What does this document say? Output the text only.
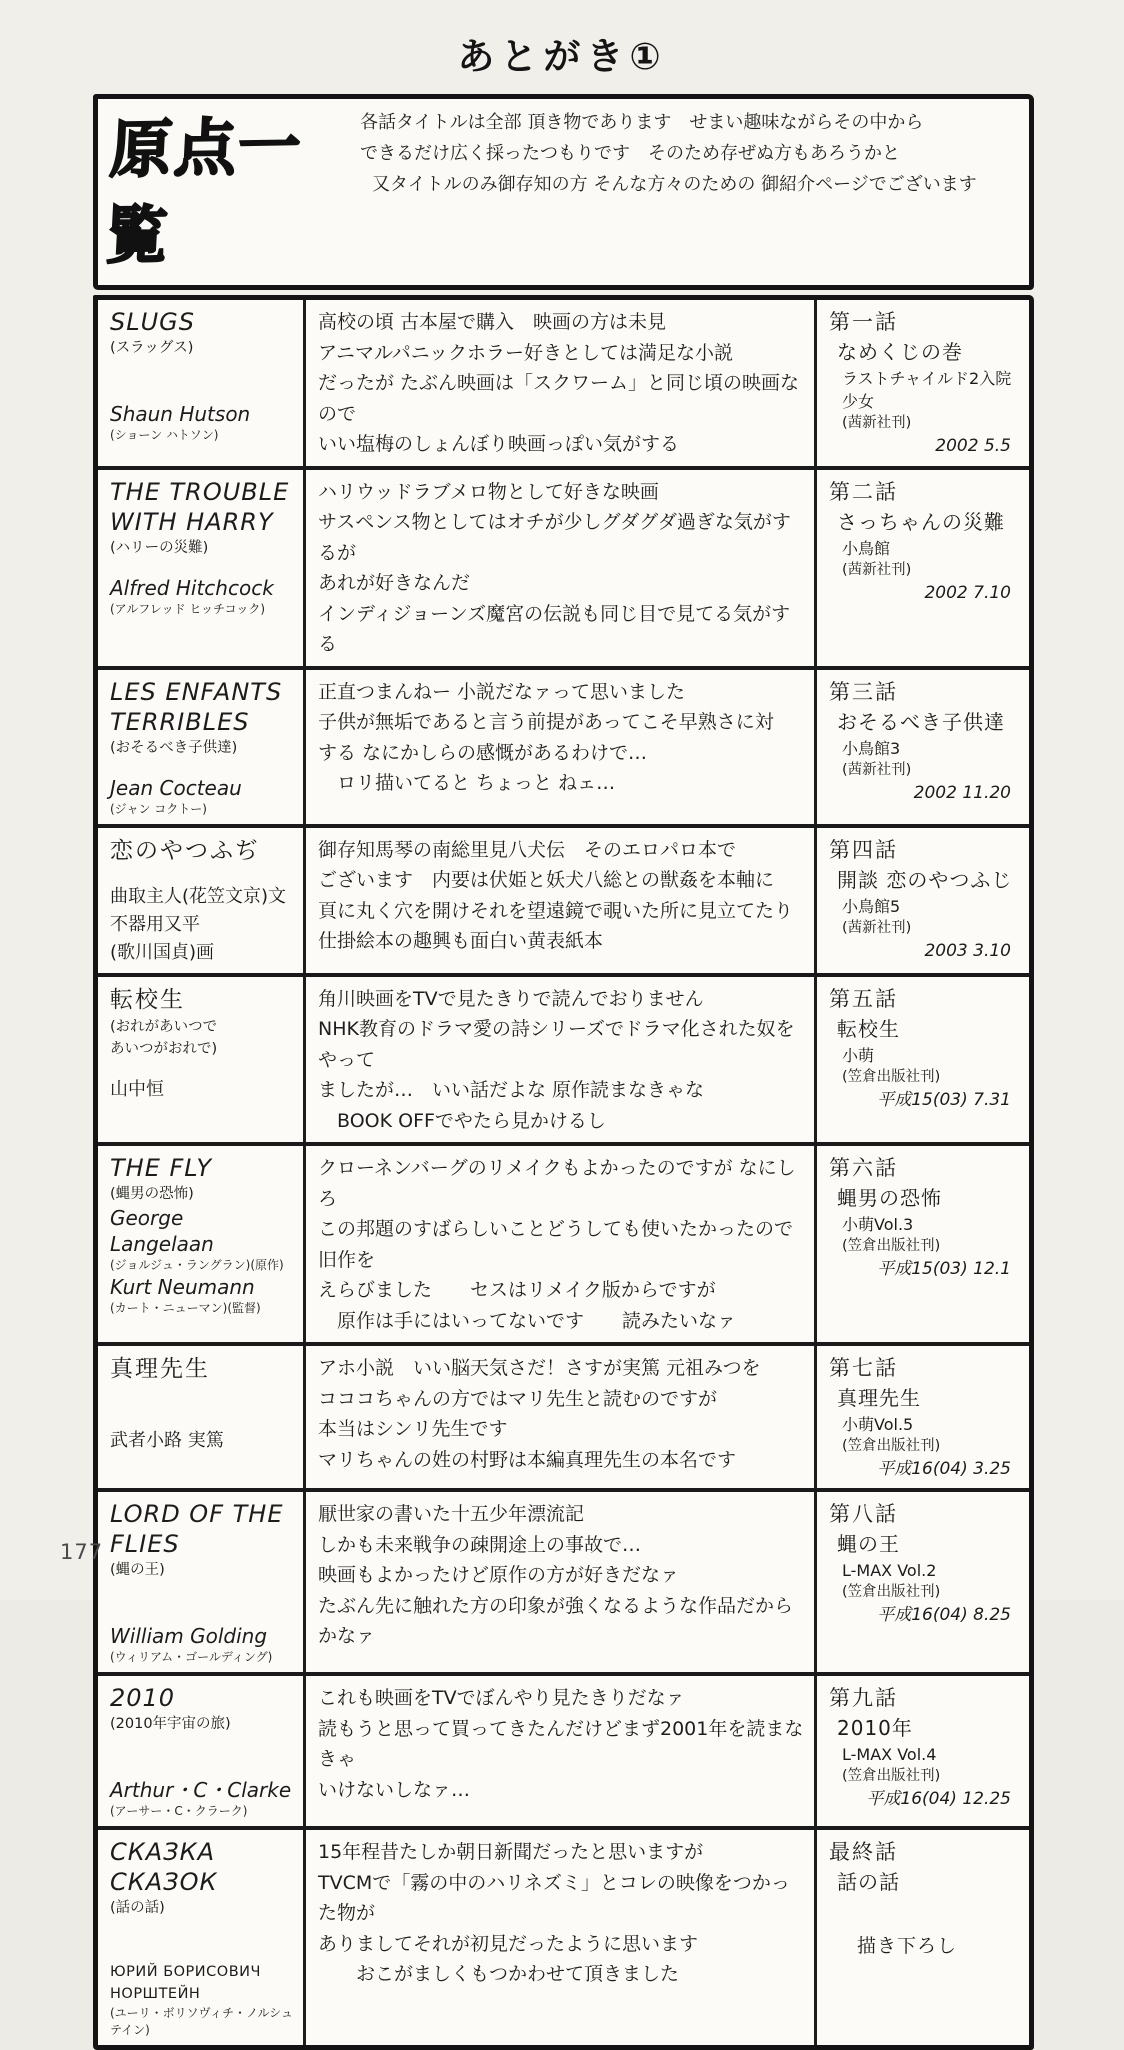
あとがき①
原点一覧
各話タイトルは全部 頂き物であります　せまい趣味ながらその中から
できるだけ広く採ったつもりです　そのため存ぜぬ方もあろうかと
又タイトルのみ御存知の方 そんな方々のための 御紹介ページでございます
SLUGS
(スラッグス)
Shaun Hutson
(ショーン ハトソン)
高校の頃 古本屋で購入　映画の方は未見
アニマルパニックホラー好きとしては満足な小説
だったが たぶん映画は「スクワーム」と同じ頃の映画なので
いい塩梅のしょんぼり映画っぽい気がする
第一話
なめくじの巻
ラストチャイルド2入院少女
(茜新社刊)
2002 5.5
THE TROUBLE
WITH HARRY
(ハリーの災難)
Alfred Hitchcock
(アルフレッド ヒッチコック)
ハリウッドラブメロ物として好きな映画
サスペンス物としてはオチが少しグダグダ過ぎな気がするが
あれが好きなんだ
インディジョーンズ魔宮の伝説も同じ目で見てる気がする
第二話
さっちゃんの災難
小鳥館
(茜新社刊)
2002 7.10
LES ENFANTS
TERRIBLES
(おそるべき子供達)
Jean Cocteau
(ジャン コクトー)
正直つまんねー 小説だなァって思いました
子供が無垢であると言う前提があってこそ早熟さに対
する なにかしらの感慨があるわけで…
　ロリ描いてると ちょっと ねェ…
第三話
おそるべき子供達
小鳥館3
(茜新社刊)
2002 11.20
恋のやつふぢ
曲取主人(花笠文京)文
不器用又平
(歌川国貞)画
御存知馬琴の南総里見八犬伝　そのエロパロ本で
ございます　内要は伏姫と妖犬八総との獣姦を本軸に
頁に丸く穴を開けそれを望遠鏡で覗いた所に見立てたり
仕掛絵本の趣興も面白い黄表紙本
第四話
開談 恋のやつふじ
小鳥館5
(茜新社刊)
2003 3.10
転校生
(おれがあいつで
あいつがおれで)
山中恒
角川映画をTVで見たきりで読んでおりません
NHK教育のドラマ愛の詩シリーズでドラマ化された奴をやって
ましたが…　いい話だよな 原作読まなきゃな
　BOOK OFFでやたら見かけるし
第五話
転校生
小萌
(笠倉出版社刊)
平成15(03) 7.31
THE FLY
(蝿男の恐怖)
George Langelaan
(ジョルジュ・ラングラン)(原作)
Kurt Neumann
(カート・ニューマン)(監督)
クローネンバーグのリメイクもよかったのですが なにしろ
この邦題のすばらしいことどうしても使いたかったので旧作を
えらびました　　セスはリメイク版からですが
　原作は手にはいってないです　　読みたいなァ
第六話
蝿男の恐怖
小萌Vol.3
(笠倉出版社刊)
平成15(03) 12.1
真理先生
武者小路 実篤
アホ小説　いい脳天気さだ！さすが実篤 元祖みつを
コココちゃんの方ではマリ先生と読むのですが
本当はシンリ先生です
マリちゃんの姓の村野は本編真理先生の本名です
第七話
真理先生
小萌Vol.5
(笠倉出版社刊)
平成16(04) 3.25
LORD OF THE FLIES
(蝿の王)
William Golding
(ウィリアム・ゴールディング)
厭世家の書いた十五少年漂流記
しかも未来戦争の疎開途上の事故で…
映画もよかったけど原作の方が好きだなァ
たぶん先に触れた方の印象が強くなるような作品だからかなァ
第八話
蝿の王
L-MAX Vol.2
(笠倉出版社刊)
平成16(04) 8.25
2010
(2010年宇宙の旅)
Arthur・C・Clarke
(アーサー・C・クラーク)
これも映画をTVでぼんやり見たきりだなァ
読もうと思って買ってきたんだけどまず2001年を読まなきゃ
いけないしなァ…
第九話
2010年
L-MAX Vol.4
(笠倉出版社刊)
平成16(04) 12.25
СКАЗКА СКАЗОК
(話の話)
ЮРИЙ БОРИСОВИЧ НОРШТЕЙН
(ユーリ・ボリソヴィチ・ノルシュテイン)
15年程昔たしか朝日新聞だったと思いますが
TVCMで「霧の中のハリネズミ」とコレの映像をつかった物が
ありましてそれが初見だったように思います
　　おこがましくもつかわせて頂きました
最終話
話の話
描き下ろし
177
